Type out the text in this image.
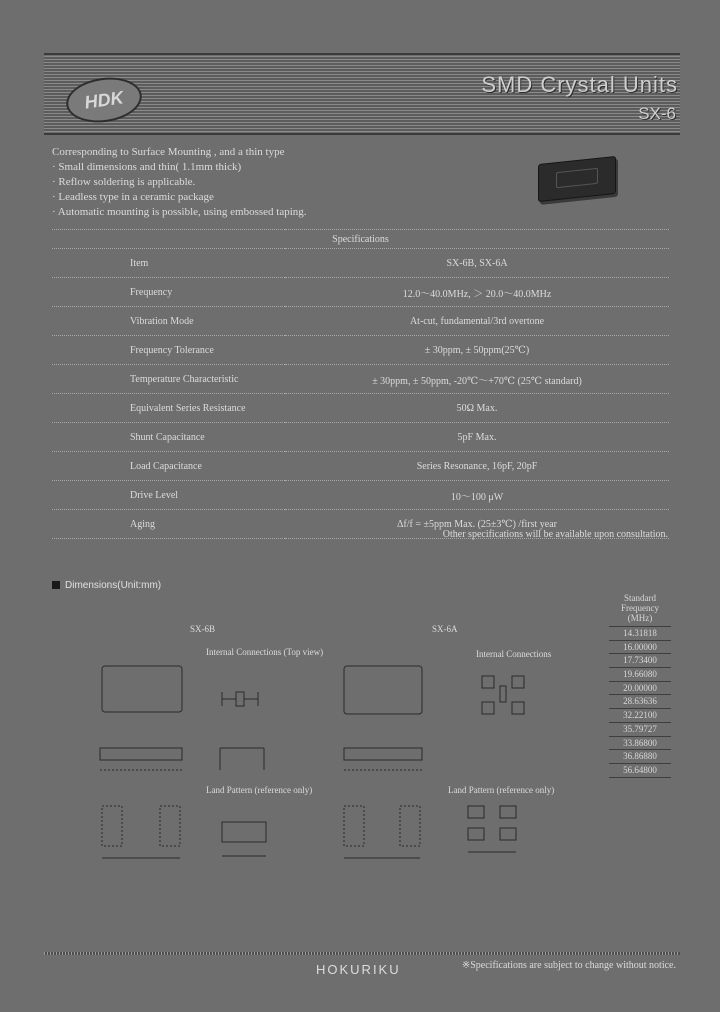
HDK
SMD Crystal Units
SX-6
Corresponding to Surface Mounting , and a thin type
· Small dimensions and thin( 1.1mm thick)
· Reflow soldering is applicable.
· Leadless type in a ceramic package
· Automatic mounting is possible, using embossed taping.
Specifications	
Item	SX-6B, SX-6A
Frequency	12.0～40.0MHz, ＞ 20.0～40.0MHz
Vibration Mode	At-cut, fundamental/3rd overtone
Frequency Tolerance	± 30ppm, ± 50ppm(25℃)
Temperature Characteristic	± 30ppm, ± 50ppm, -20℃～+70℃ (25℃ standard)
Equivalent Series Resistance	50Ω Max.
Shunt Capacitance	5pF Max.
Load Capacitance	Series Resonance, 16pF, 20pF
Drive Level	10～100 μW
Aging	Δf/f = ±5ppm Max. (25±3℃) /first year
Other specifications will be available upon consultation.
Dimensions(Unit:mm)
Standard Frequency (MHz)
14.31818
16.00000
17.73400
19.66080
20.00000
28.63636
32.22100
35.79727
33.86800
36.86880
56.64800
SX-6B	SX-6A
Internal Connections (Top view)	Internal Connections
Land Pattern (reference only)	Land Pattern (reference only)
HOKURIKU	※Specifications are subject to change without notice.
